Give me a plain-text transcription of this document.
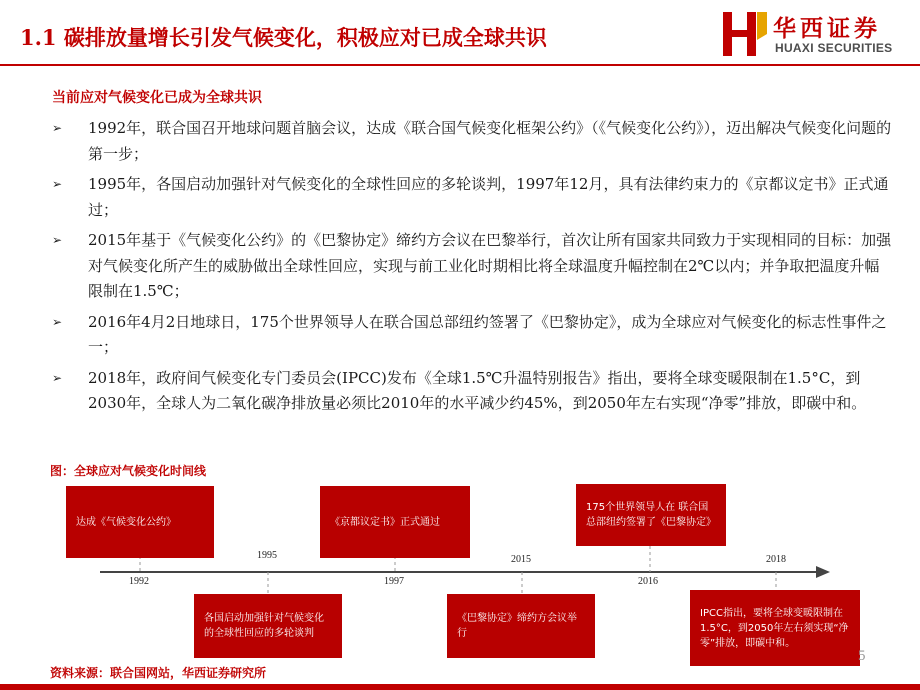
1.1 碳排放量增长引发气候变化，积极应对已成全球共识	华西证券
HUAXI SECURITIES
当前应对气候变化已成为全球共识
➢ 1992年，联合国召开地球问题首脑会议，达成《联合国气候变化框架公约》（《气候变化公约》），迈出解决气候变化问题的第一步；
➢ 1995年，各国启动加强针对气候变化的全球性回应的多轮谈判，1997年12月，具有法律约束力的《京都议定书》正式通过；
➢ 2015年基于《气候变化公约》的《巴黎协定》缔约方会议在巴黎举行，首次让所有国家共同致力于实现相同的目标：加强对气候变化所产生的威胁做出全球性回应，实现与前工业化时期相比将全球温度升幅控制在2℃以内；并争取把温度升幅限制在1.5℃；
➢ 2016年4月2日地球日，175个世界领导人在联合国总部纽约签署了《巴黎协定》，成为全球应对气候变化的标志性事件之一；
➢ 2018年，政府间气候变化专门委员会(IPCC)发布《全球1.5℃升温特别报告》指出，要将全球变暖限制在1.5°C，到2030年，全球人为二氧化碳净排放量必须比2010年的水平减少约45%，到2050年左右实现“净零”排放，即碳中和。
图：全球应对气候变化时间线
达成《气候变化公约》
1992
1995
各国启动加强针对气候变化的全球性回应的多轮谈判
《京都议定书》正式通过
1997
2015
《巴黎协定》缔约方会议举行
175个世界领导人在 联合国总部纽约签署了《巴黎协定》
2016
2018
IPCC指出，要将全球变暖限制在1.5°C，到2050年左右须实现“净零”排放，即碳中和。
资料来源：联合国网站，华西证券研究所
5
